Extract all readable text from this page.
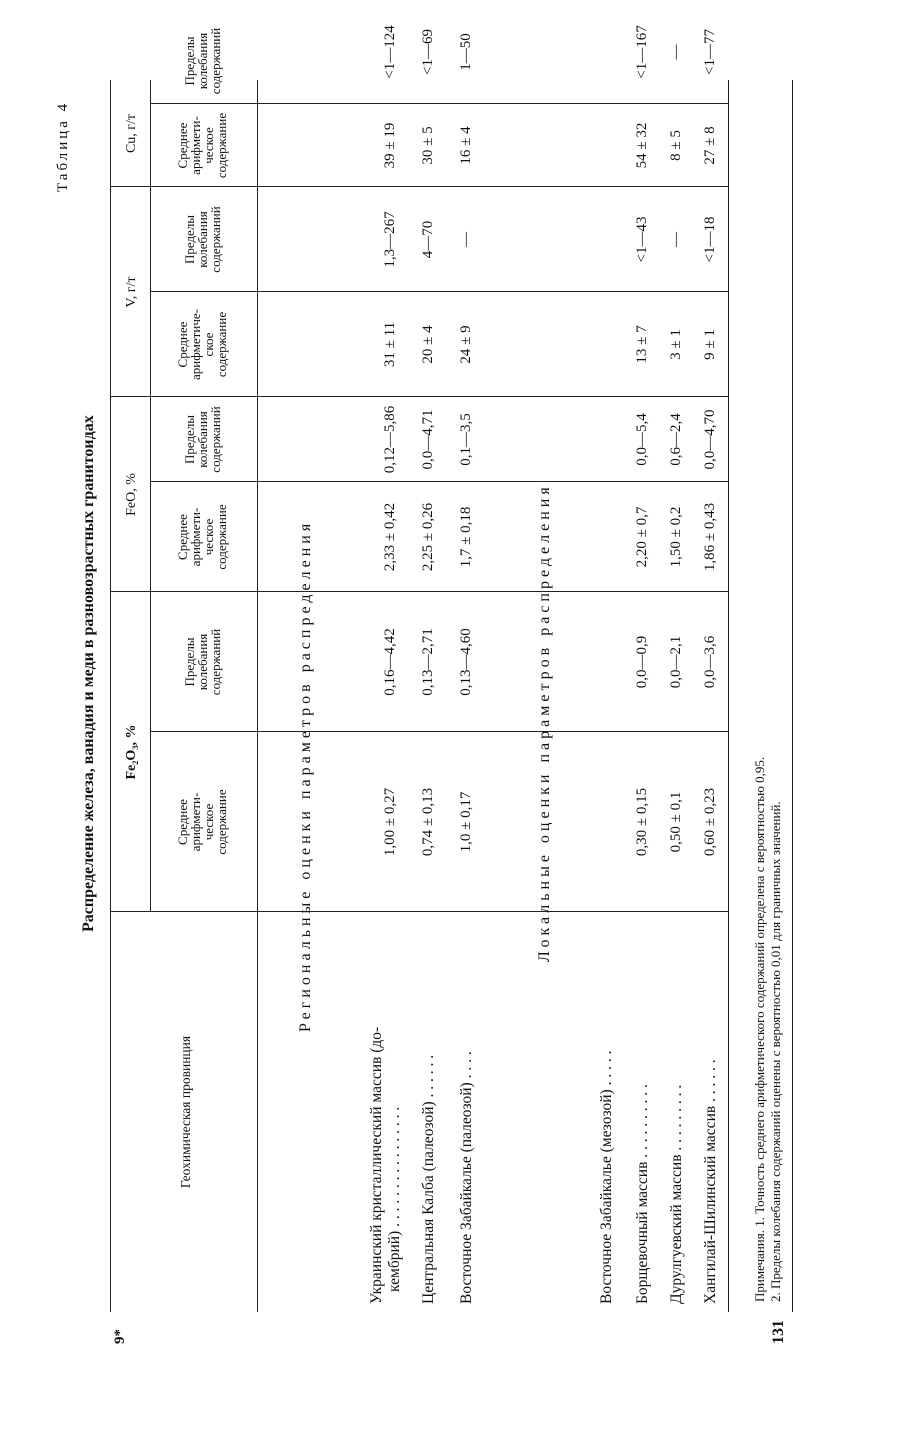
9*	131
Таблица 4
Распределение железа, ванадия и меди в разновозрастных гранитоидах
Геохимическая провинция
Fe₂O₃, %
FeO, %
V, г/т
Cu, г/т
Среднее
арифмети-
ческое
содержание
Пределы
колебания
содержаний
Среднее
арифмети-
ческое
содержание
Пределы
колебания
содержаний
Среднее
арифметиче-
ское
содержание
Пределы
колебания
содержаний
Среднее
арифмети-
ческое
содержание
Пределы
колебания
содержаний
Региональные оценки параметров распределения
Украинский кристаллический массив (до- кембрий) . . . . . . . . . . . . . . . . Центральная Калба (палеозой) . . . . . . Восточное Забайкалье (палеозой) . . . .
1,00 ± 0,27
0,16—4,42
2,33 ± 0,42
0,12—5,86
31 ± 11
1,3—267
39 ± 19
<1—124
0,74 ± 0,13
0,13—2,71
2,25 ± 0,26
0,0—4,71
20 ± 4
4—70
30 ± 5
<1—69
1,0 ± 0,17
0,13—4,60
1,7 ± 0,18
0,1—3,5
24 ± 9
—
16 ± 4
1—50
Локальные оценки параметров распределения
Восточное Забайкалье (мезозой) . . . . . Борщевочный массив . . . . . . . . . . Дурулгуевский массив . . . . . . . . . Хангилай-Шилинский массив . . . . . .
0,30 ± 0,15
0,0—0,9
2,20 ± 0,7
0,0—5,4
13 ± 7
<1—43
54 ± 32
<1—167
0,50 ± 0,1
0,0—2,1
1,50 ± 0,2
0,6—2,4
3 ± 1
—
8 ± 5
—
0,60 ± 0,23
0,0—3,6
1,86 ± 0,43
0,0—4,70
9 ± 1
<1—18
27 ± 8
<1—77
Примечания. 1. Точность среднего арифметического содержаний определена с вероятностью 0,95. 2. Пределы колебания содержаний оценены с вероятностью 0,01 для граничных значений.
